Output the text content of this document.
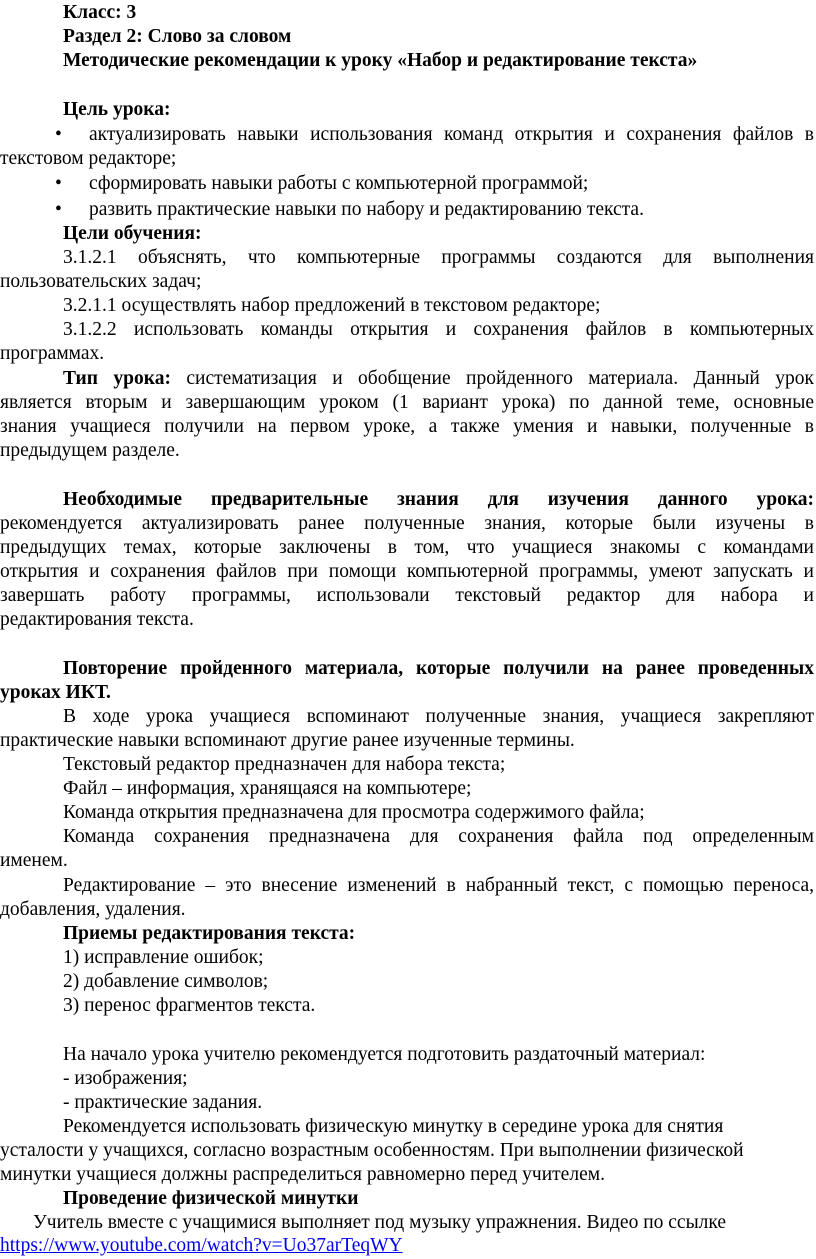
Класс: 3
Раздел 2: Слово за словом
Методические рекомендации к уроку «Набор и редактирование текста»
Цель урока:
• актуализировать навыки использования команд открытия и сохранения файлов в
текстовом редакторе;
• сформировать навыки работы с компьютерной программой;
• развить практические навыки по набору и редактированию текста.
Цели обучения:
3.1.2.1 объяснять, что компьютерные программы создаются для выполнения
пользовательских задач;
3.2.1.1 осуществлять набор предложений в текстовом редакторе;
3.1.2.2 использовать команды открытия и сохранения файлов в компьютерных
программах.
Тип урока: систематизация и обобщение пройденного материала. Данный урок
является вторым и завершающим уроком (1 вариант урока) по данной теме, основные
знания учащиеся получили на первом уроке, а также умения и навыки, полученные в
предыдущем разделе.
Необходимые предварительные знания для изучения данного урока:
рекомендуется актуализировать ранее полученные знания, которые были изучены в
предыдущих темах, которые заключены в том, что учащиеся знакомы с командами
открытия и сохранения файлов при помощи компьютерной программы, умеют запускать и
завершать работу программы, использовали текстовый редактор для набора и
редактирования текста.
Повторение пройденного материала, которые получили на ранее проведенных
уроках ИКТ.
В ходе урока учащиеся вспоминают полученные знания, учащиеся закрепляют
практические навыки вспоминают другие ранее изученные термины.
Текстовый редактор предназначен для набора текста;
Файл – информация, хранящаяся на компьютере;
Команда открытия предназначена для просмотра содержимого файла;
Команда сохранения предназначена для сохранения файла под определенным
именем.
Редактирование – это внесение изменений в набранный текст, с помощью переноса,
добавления, удаления.
Приемы редактирования текста:
1) исправление ошибок;
2) добавление символов;
3) перенос фрагментов текста.
На начало урока учителю рекомендуется подготовить раздаточный материал:
- изображения;
- практические задания.
Рекомендуется использовать физическую минутку в середине урока для снятия
усталости у учащихся, согласно возрастным особенностям. При выполнении физической
минутки учащиеся должны распределиться равномерно перед учителем.
Проведение физической минутки
Учитель вместе с учащимися выполняет под музыку упражнения. Видео по ссылке
https://www.youtube.com/watch?v=Uo37arTeqWY
